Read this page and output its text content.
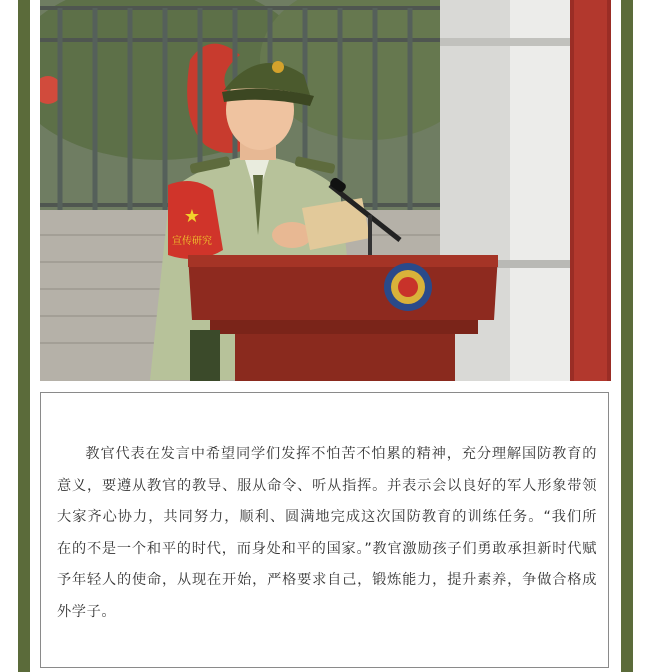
★
宣传研究

教官代表在发言中希望同学们发挥不怕苦不怕累的精神，充分理解国防教育的意义，要遵从教官的教导、服从命令、听从指挥。并表示会以良好的军人形象带领大家齐心协力，共同努力，顺利、圆满地完成这次国防教育的训练任务。“我们所在的不是一个和平的时代，而身处和平的国家。”教官激励孩子们勇敢承担新时代赋予年轻人的使命，从现在开始，严格要求自己，锻炼能力，提升素养，争做合格成外学子。
